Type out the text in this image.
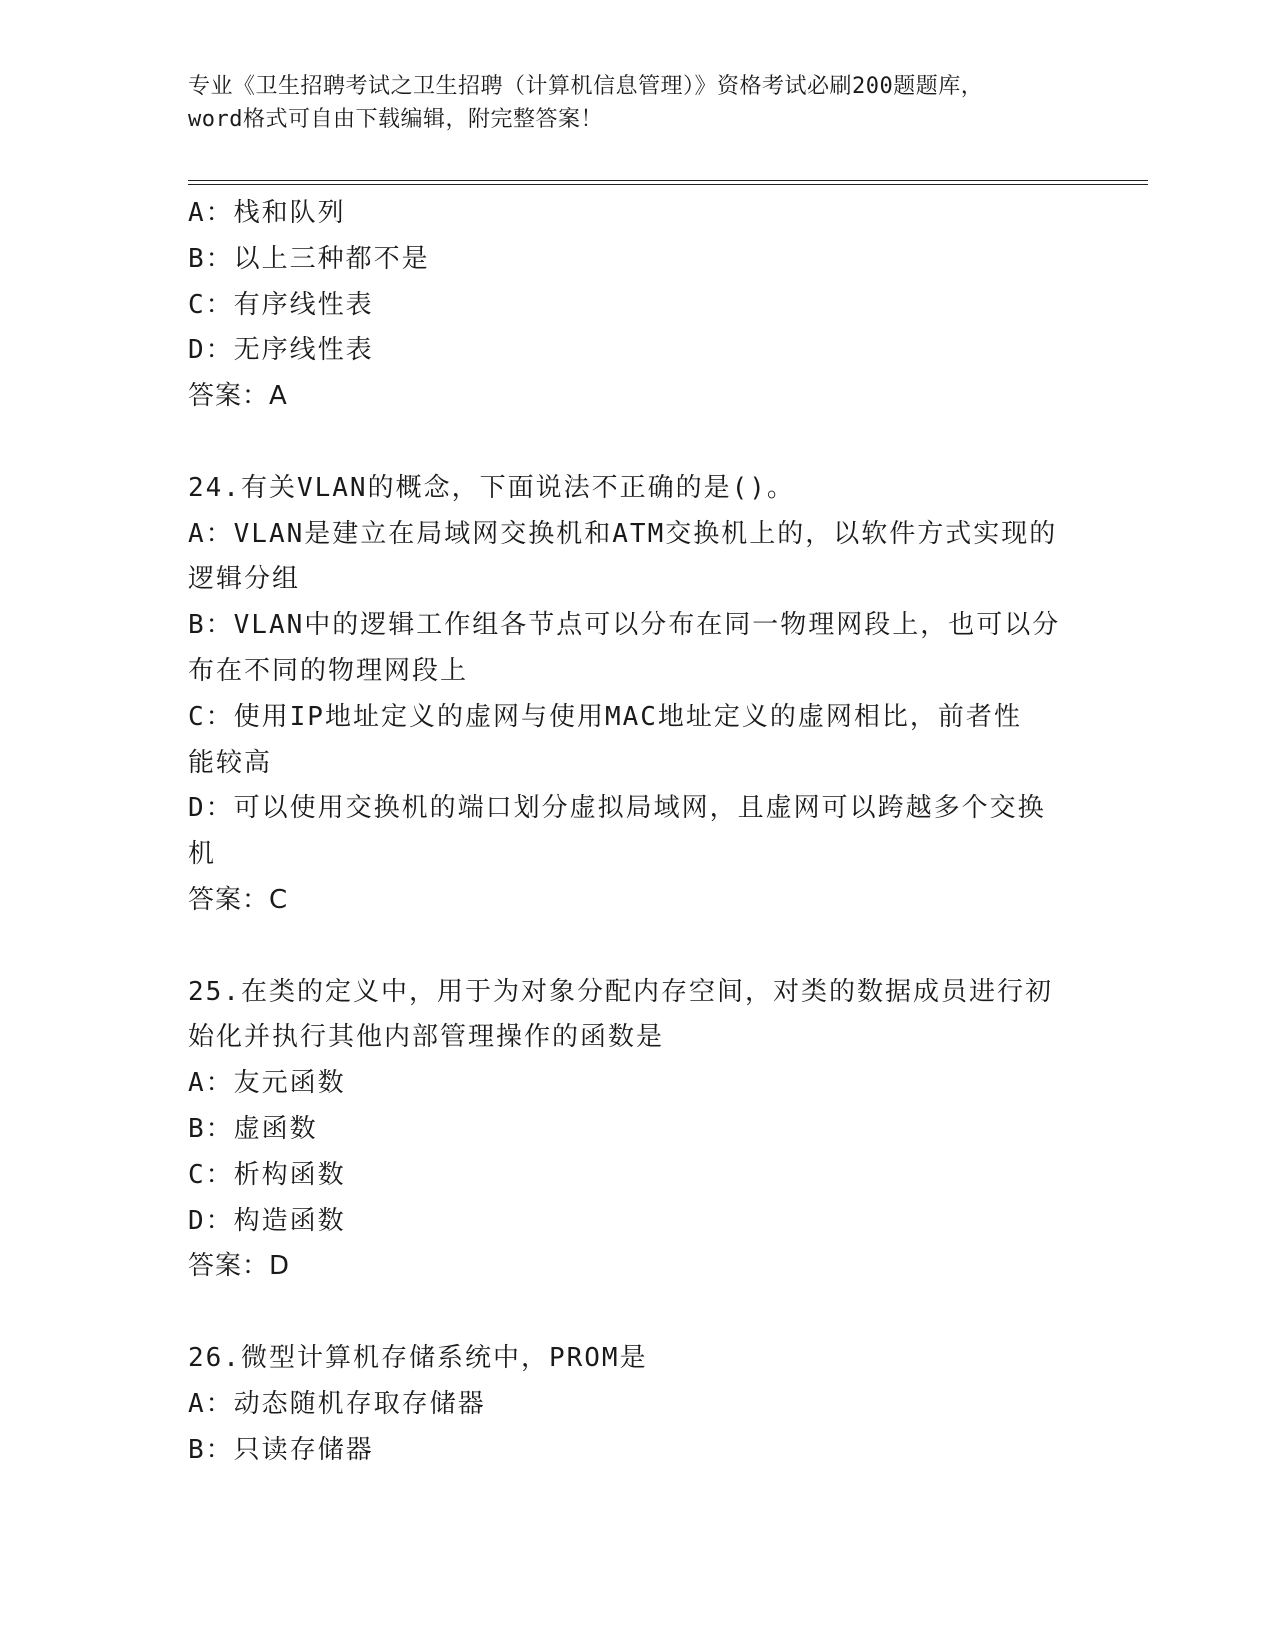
专业《卫生招聘考试之卫生招聘（计算机信息管理）》资格考试必刷200题题库，
word格式可自由下载编辑，附完整答案！
A：栈和队列
B：以上三种都不是
C：有序线性表
D：无序线性表
答案：A
24.有关VLAN的概念，下面说法不正确的是()。
A：VLAN是建立在局域网交换机和ATM交换机上的，以软件方式实现的
逻辑分组
B：VLAN中的逻辑工作组各节点可以分布在同一物理网段上，也可以分
布在不同的物理网段上
C：使用IP地址定义的虚网与使用MAC地址定义的虚网相比，前者性
能较高
D：可以使用交换机的端口划分虚拟局域网，且虚网可以跨越多个交换
机
答案：C
25.在类的定义中，用于为对象分配内存空间，对类的数据成员进行初
始化并执行其他内部管理操作的函数是
A：友元函数
B：虚函数
C：析构函数
D：构造函数
答案：D
26.微型计算机存储系统中，PROM是
A：动态随机存取存储器
B：只读存储器
